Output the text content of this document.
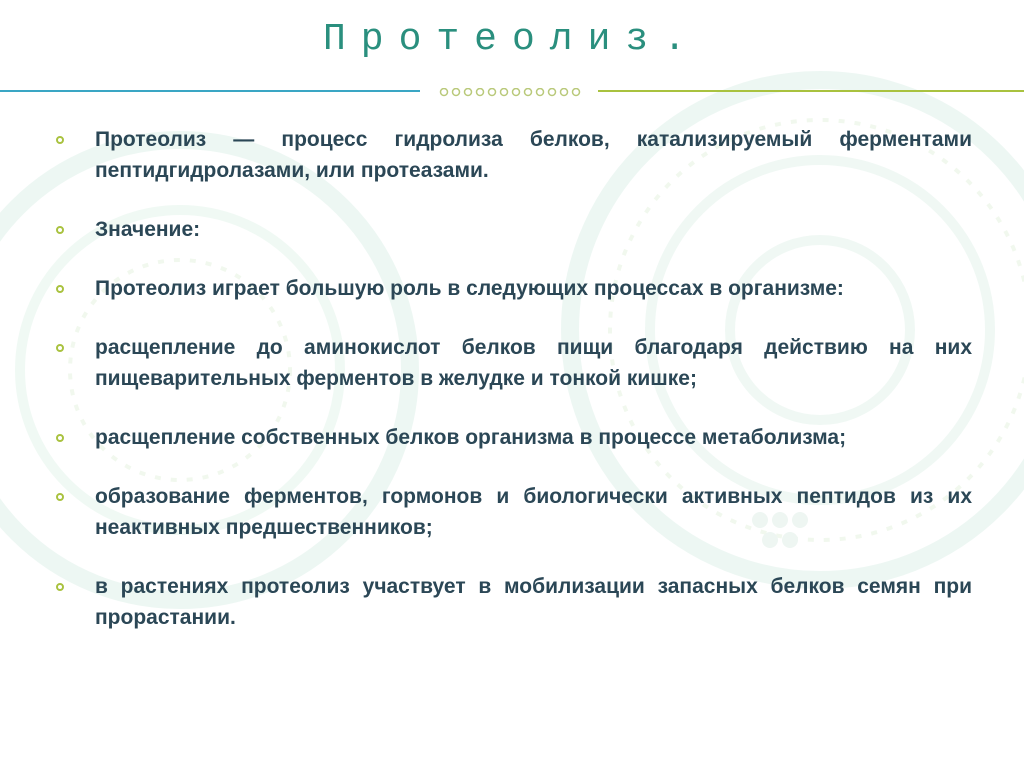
Протеолиз.
Протеолиз — процесс гидролиза белков, катализируемый ферментами пептидгидролазами, или протеазами.
Значение:
Протеолиз играет большую роль в следующих процессах в организме:
расщепление до аминокислот белков пищи благодаря действию на них пищеварительных ферментов в желудке и тонкой кишке;
расщепление собственных белков организма в процессе метаболизма;
образование ферментов, гормонов и биологически активных пептидов из их неактивных предшественников;
в растениях протеолиз участвует в мобилизации запасных белков семян при прорастании.
